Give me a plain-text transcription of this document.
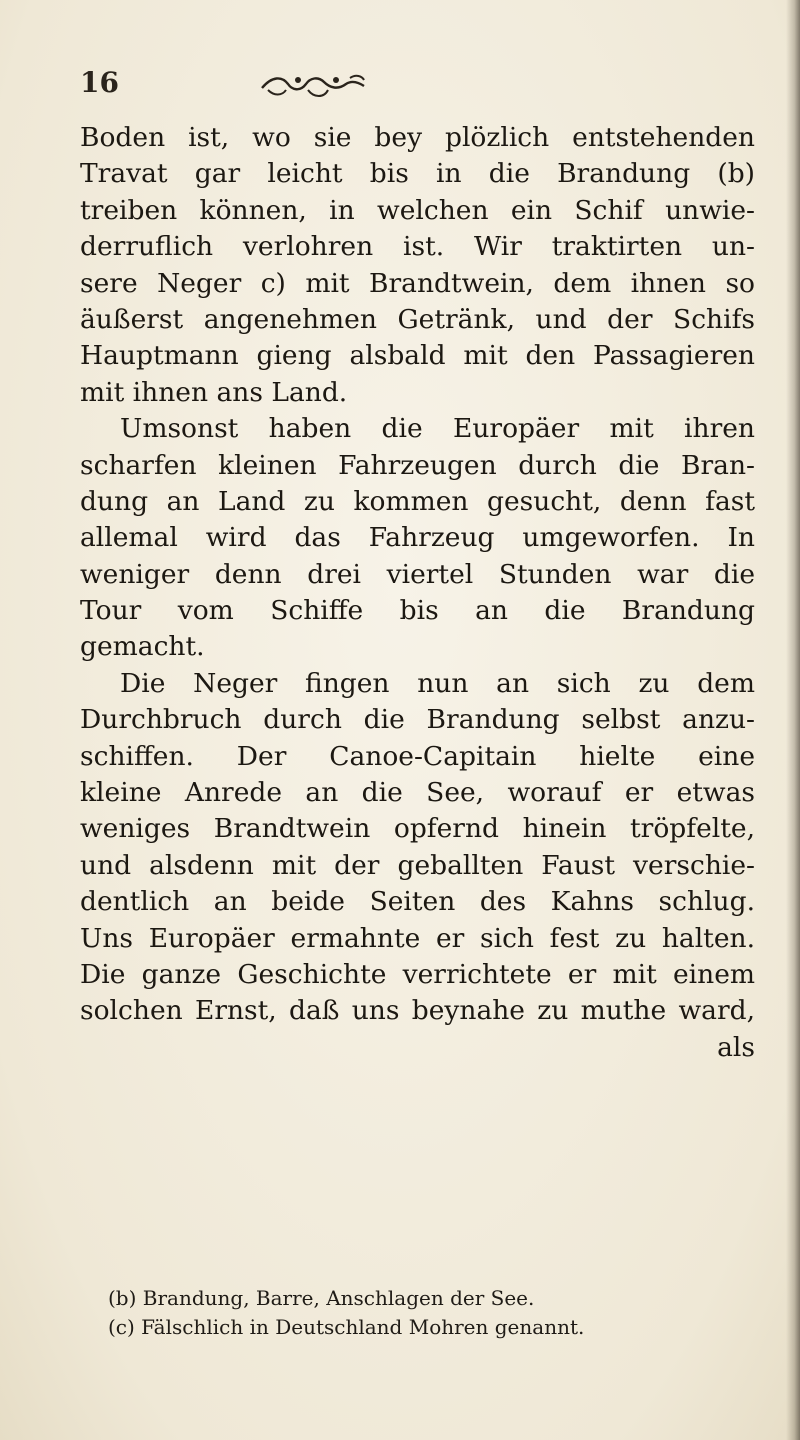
16
Boden ist, wo sie bey plözlich entstehenden
Travat gar leicht bis in die Brandung (b)
treiben können, in welchen ein Schif unwie-
derruflich verlohren ist. Wir traktirten un-
sere Neger c) mit Brandtwein, dem ihnen so
äußerst angenehmen Getränk, und der Schifs
Hauptmann gieng alsbald mit den Passagieren
mit ihnen ans Land.
Umsonst haben die Europäer mit ihren
scharfen kleinen Fahrzeugen durch die Bran-
dung an Land zu kommen gesucht, denn fast
allemal wird das Fahrzeug umgeworfen. In
weniger denn drei viertel Stunden war die
Tour vom Schiffe bis an die Brandung
gemacht.
Die Neger fingen nun an sich zu dem
Durchbruch durch die Brandung selbst anzu-
schiffen. Der Canoe-Capitain hielte eine
kleine Anrede an die See, worauf er etwas
weniges Brandtwein opfernd hinein tröpfelte,
und alsdenn mit der geballten Faust verschie-
dentlich an beide Seiten des Kahns schlug.
Uns Europäer ermahnte er sich fest zu halten.
Die ganze Geschichte verrichtete er mit einem
solchen Ernst, daß uns beynahe zu muthe ward,
als
(b) Brandung, Barre, Anschlagen der See.
(c) Fälschlich in Deutschland Mohren genannt.
